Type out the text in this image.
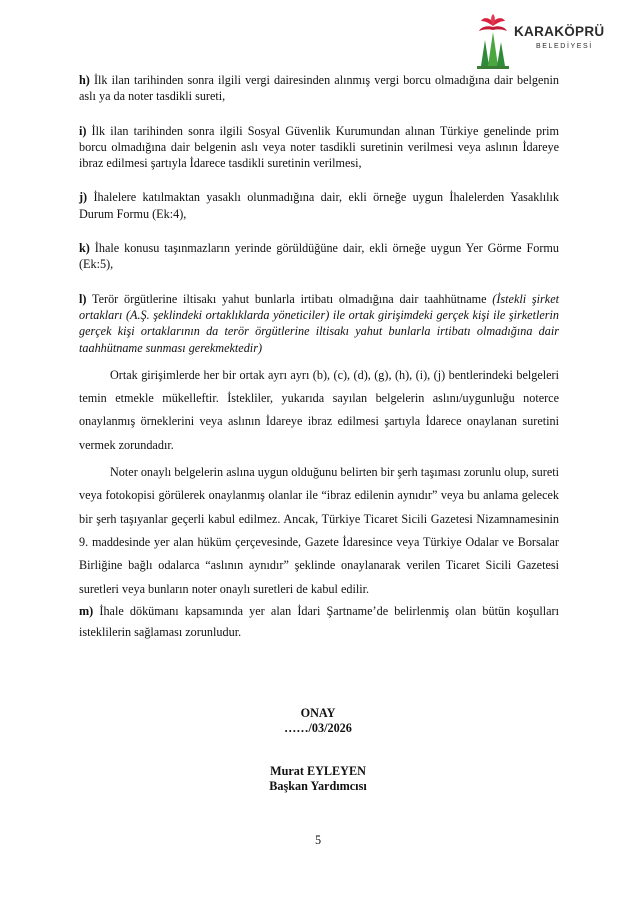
KARAKÖPRÜ
BELEDİYESİ

h) İlk ilan tarihinden sonra ilgili vergi dairesinden alınmış vergi borcu olmadığına dair belgenin aslı ya da noter tasdikli sureti,

i) İlk ilan tarihinden sonra ilgili Sosyal Güvenlik Kurumundan alınan Türkiye genelinde prim borcu olmadığına dair belgenin aslı veya noter tasdikli suretinin verilmesi veya aslının İdareye ibraz edilmesi şartıyla İdarece tasdikli suretinin verilmesi,

j) İhalelere katılmaktan yasaklı olunmadığına dair, ekli örneğe uygun İhalelerden Yasaklılık Durum Formu (Ek:4),

k) İhale konusu taşınmazların yerinde görüldüğüne dair, ekli örneğe uygun Yer Görme Formu (Ek:5),

l) Terör örgütlerine iltisakı yahut bunlarla irtibatı olmadığına dair taahhütname (İstekli şirket ortakları (A.Ş. şeklindeki ortaklıklarda yöneticiler) ile ortak girişimdeki gerçek kişi ile şirketlerin gerçek kişi ortaklarının da terör örgütlerine iltisakı yahut bunlarla irtibatı olmadığına dair taahhütname sunması gerekmektedir)

Ortak girişimlerde her bir ortak ayrı ayrı (b), (c), (d), (g), (h), (i), (j) bentlerindeki belgeleri temin etmekle mükelleftir. İstekliler, yukarıda sayılan belgelerin aslını/uygunluğu noterce onaylanmış örneklerini veya aslının İdareye ibraz edilmesi şartıyla İdarece onaylanan suretini vermek zorundadır.

Noter onaylı belgelerin aslına uygun olduğunu belirten bir şerh taşıması zorunlu olup, sureti veya fotokopisi görülerek onaylanmış olanlar ile “ibraz edilenin aynıdır” veya bu anlama gelecek bir şerh taşıyanlar geçerli kabul edilmez. Ancak, Türkiye Ticaret Sicili Gazetesi Nizamnamesinin 9. maddesinde yer alan hüküm çerçevesinde, Gazete İdaresince veya Türkiye Odalar ve Borsalar Birliğine bağlı odalarca “aslının aynıdır” şeklinde onaylanarak verilen Ticaret Sicili Gazetesi suretleri veya bunların noter onaylı suretleri de kabul edilir.

m) İhale dökümanı kapsamında yer alan İdari Şartname’de belirlenmiş olan bütün koşulları isteklilerin sağlaması zorunludur.

ONAY
……/03/2026
Murat EYLEYEN
Başkan Yardımcısı
5
